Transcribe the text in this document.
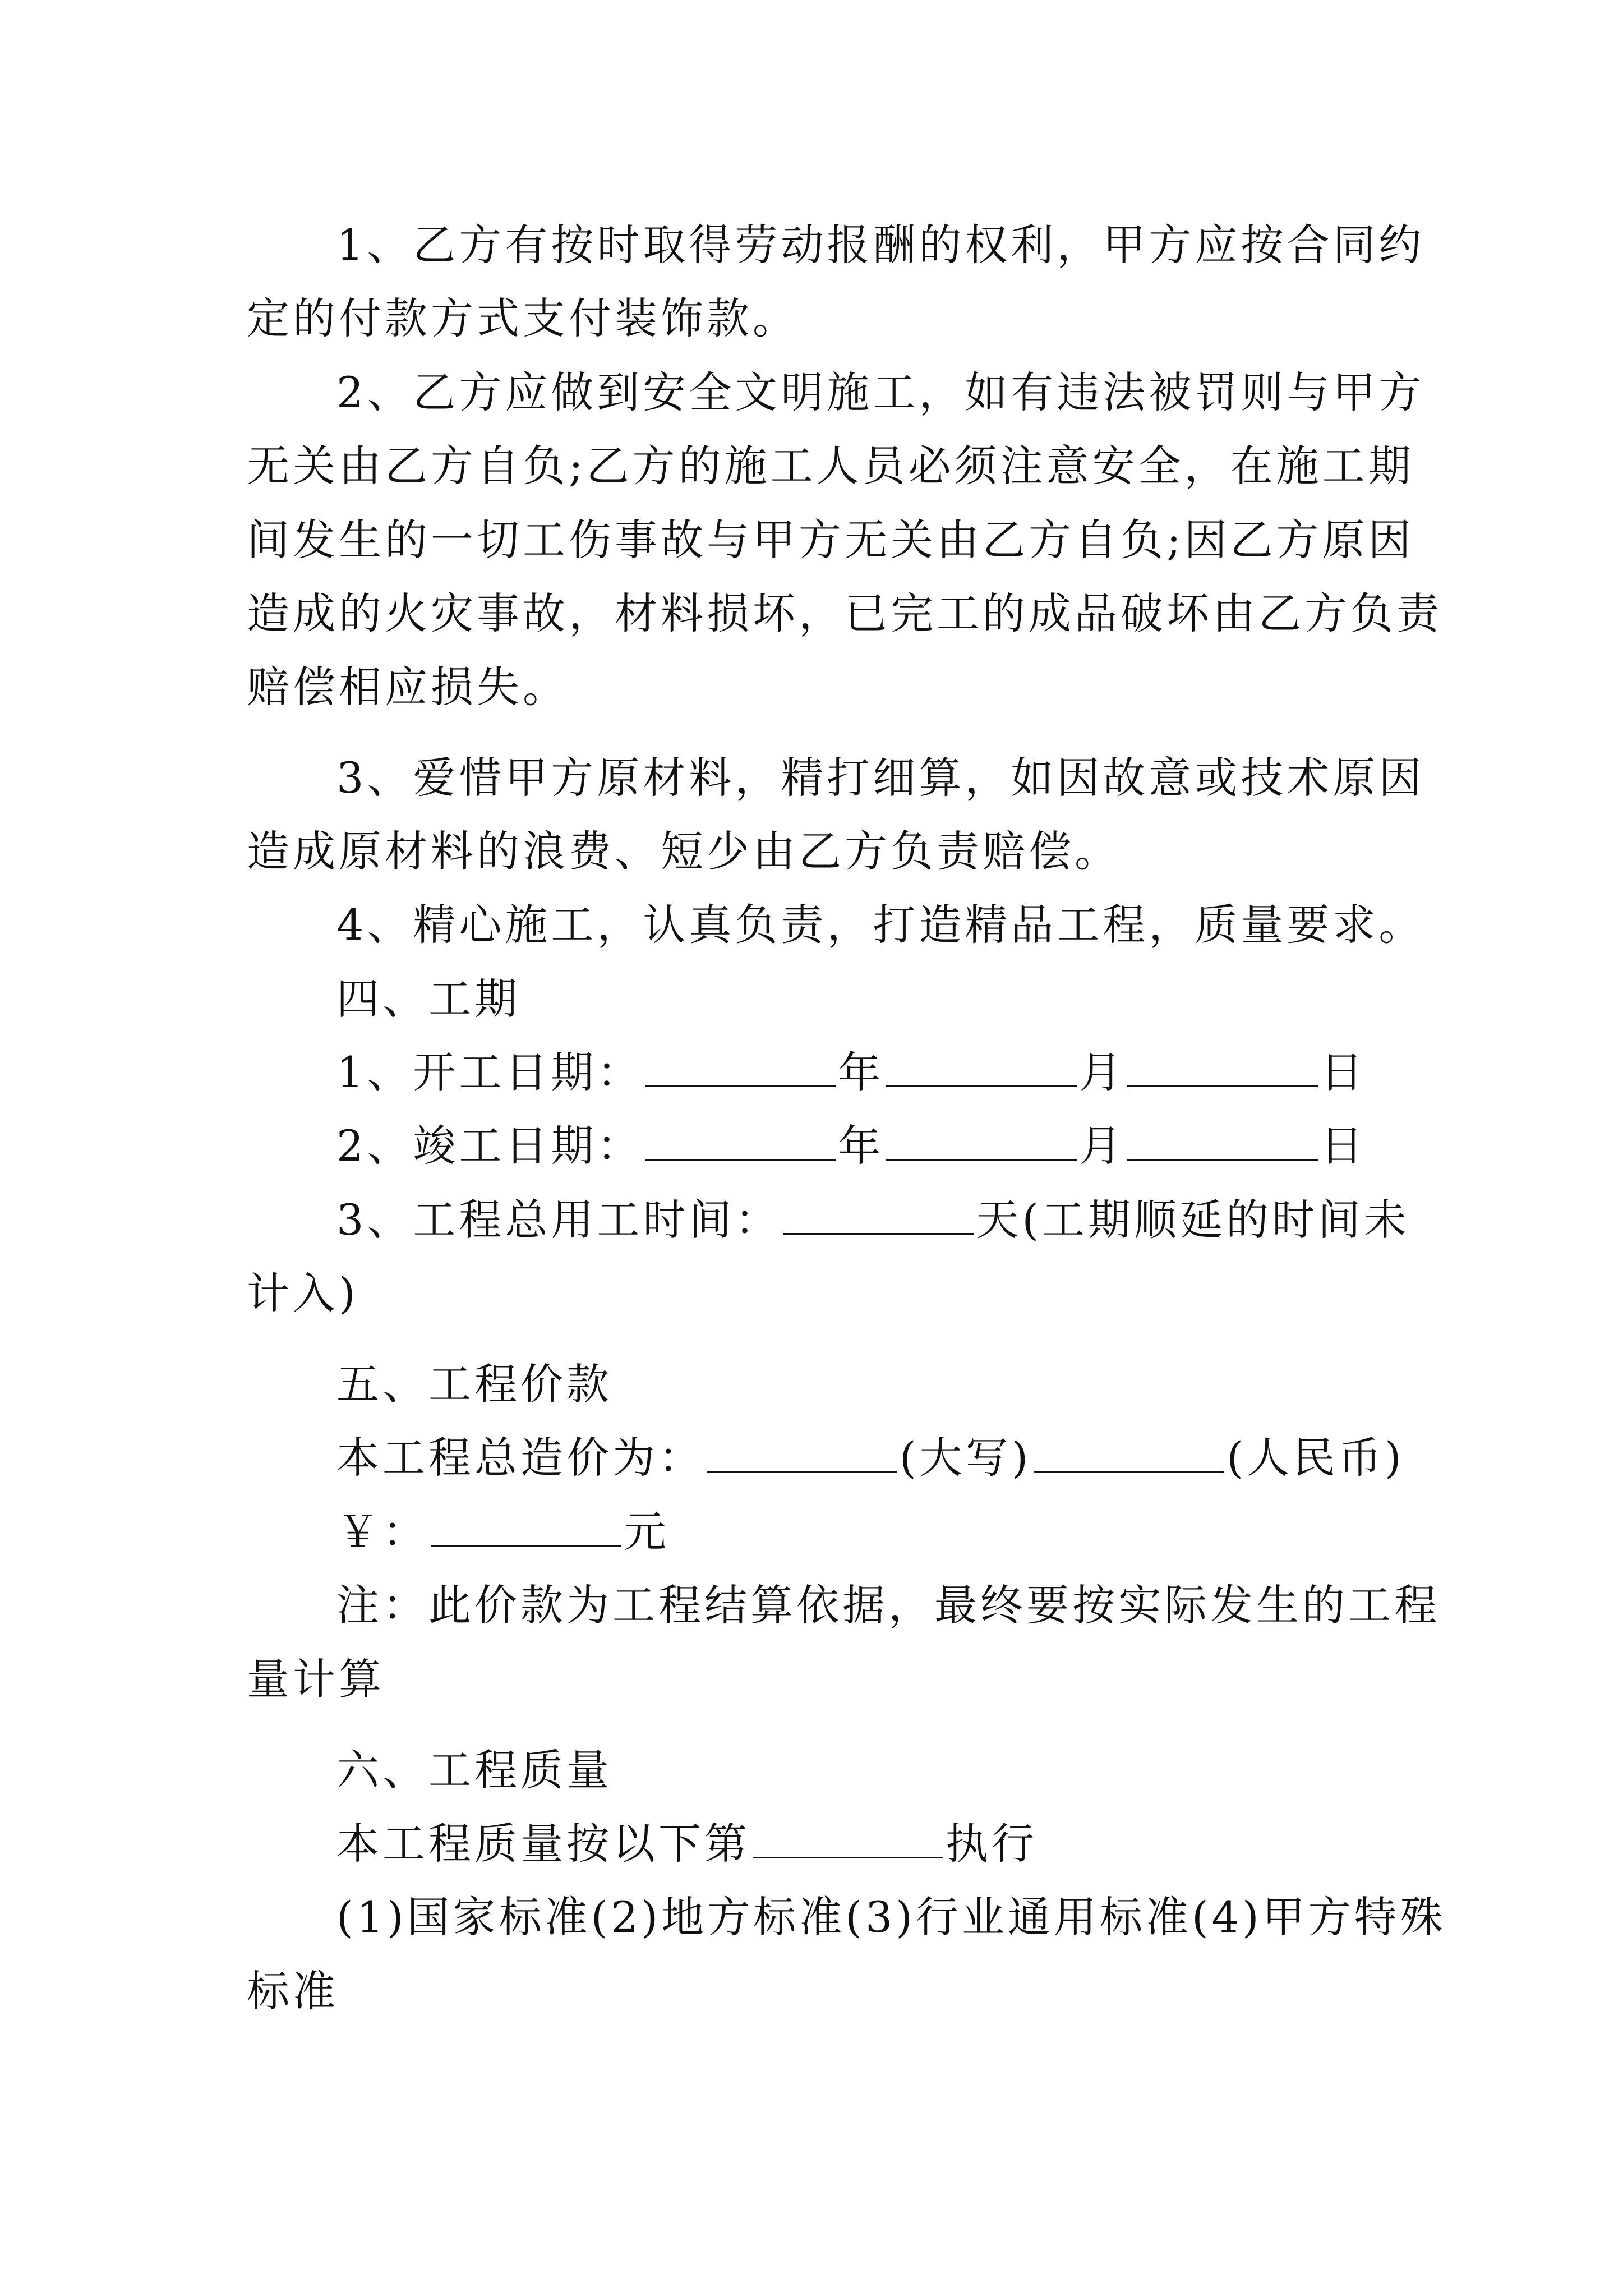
1、乙方有按时取得劳动报酬的权利，甲方应按合同约
定的付款方式支付装饰款。
2、乙方应做到安全文明施工，如有违法被罚则与甲方
无关由乙方自负;乙方的施工人员必须注意安全，在施工期
间发生的一切工伤事故与甲方无关由乙方自负;因乙方原因
造成的火灾事故，材料损坏，已完工的成品破坏由乙方负责
赔偿相应损失。
3、爱惜甲方原材料，精打细算，如因故意或技术原因
造成原材料的浪费、短少由乙方负责赔偿。
4、精心施工，认真负责，打造精品工程，质量要求。
四、工期
1、开工日期：	年	月	日
2、竣工日期：	年	月	日
3、工程总用工时间：	天(工期顺延的时间未
计入)
五、工程价款
本工程总造价为：	(大写)	(人民币)
￥：	元
注：此价款为工程结算依据，最终要按实际发生的工程
量计算
六、工程质量
本工程质量按以下第	执行
(1)国家标准(2)地方标准(3)行业通用标准(4)甲方特殊
标准
